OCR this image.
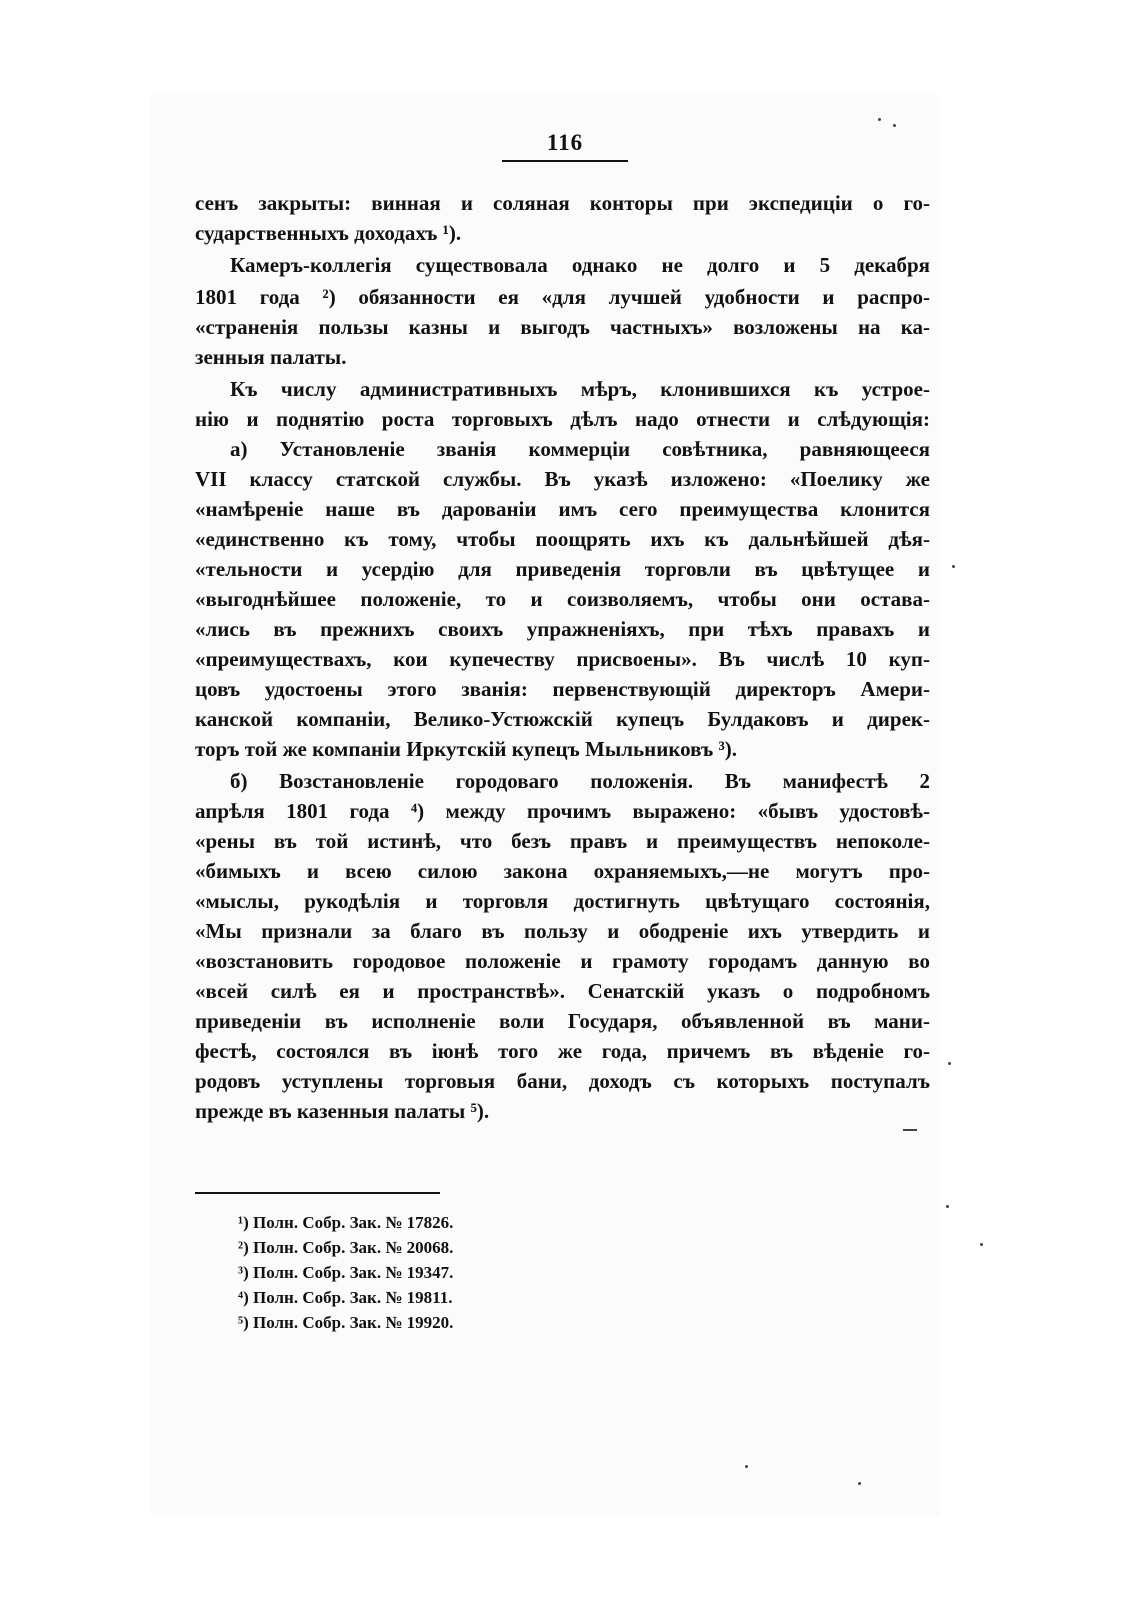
116
сенъ закрыты: винная и соляная конторы при экспедиціи о го-
сударственныхъ доходахъ ¹).
Камеръ-коллегія существовала однако не долго и 5 декабря
1801 года ²) обязанности ея «для лучшей удобности и распро-
«страненія пользы казны и выгодъ частныхъ» возложены на ка-
зенныя палаты.
Къ числу административныхъ мѣръ, клонившихся къ устрое-
нію и поднятію роста торговыхъ дѣлъ надо отнести и слѣдующія:
а) Установленіе званія коммерціи совѣтника, равняющееся
VII классу статской службы. Въ указѣ изложено: «Поелику же
«намѣреніе наше въ дарованіи имъ сего преимущества клонится
«единственно къ тому, чтобы поощрять ихъ къ дальнѣйшей дѣя-
«тельности и усердію для приведенія торговли въ цвѣтущее и
«выгоднѣйшее положеніе, то и соизволяемъ, чтобы они остава-
«лись въ прежнихъ своихъ упражненіяхъ, при тѣхъ правахъ и
«преимуществахъ, кои купечеству присвоены». Въ числѣ 10 куп-
цовъ удостоены этого званія: первенствующій директоръ Амери-
канской компаніи, Велико-Устюжскій купецъ Булдаковъ и дирек-
торъ той же компаніи Иркутскій купецъ Мыльниковъ ³).
б) Возстановленіе городоваго положенія. Въ манифестѣ 2
апрѣля 1801 года ⁴) между прочимъ выражено: «бывъ удостовѣ-
«рены въ той истинѣ, что безъ правъ и преимуществъ непоколе-
«бимыхъ и всею силою закона охраняемыхъ,—не могутъ про-
«мыслы, рукодѣлія и торговля достигнуть цвѣтущаго состоянія,
«Мы признали за благо въ пользу и ободреніе ихъ утвердить и
«возстановить городовое положеніе и грамоту городамъ данную во
«всей силѣ ея и пространствѣ». Сенатскій указъ о подробномъ
приведеніи въ исполненіе воли Государя, объявленной въ мани-
фестѣ, состоялся въ іюнѣ того же года, причемъ въ вѣденіе го-
родовъ уступлены торговыя бани, доходъ съ которыхъ поступалъ
прежде въ казенныя палаты ⁵).
¹) Полн. Собр. Зак. № 17826.
²) Полн. Собр. Зак. № 20068.
³) Полн. Собр. Зак. № 19347.
⁴) Полн. Собр. Зак. № 19811.
⁵) Полн. Собр. Зак. № 19920.
